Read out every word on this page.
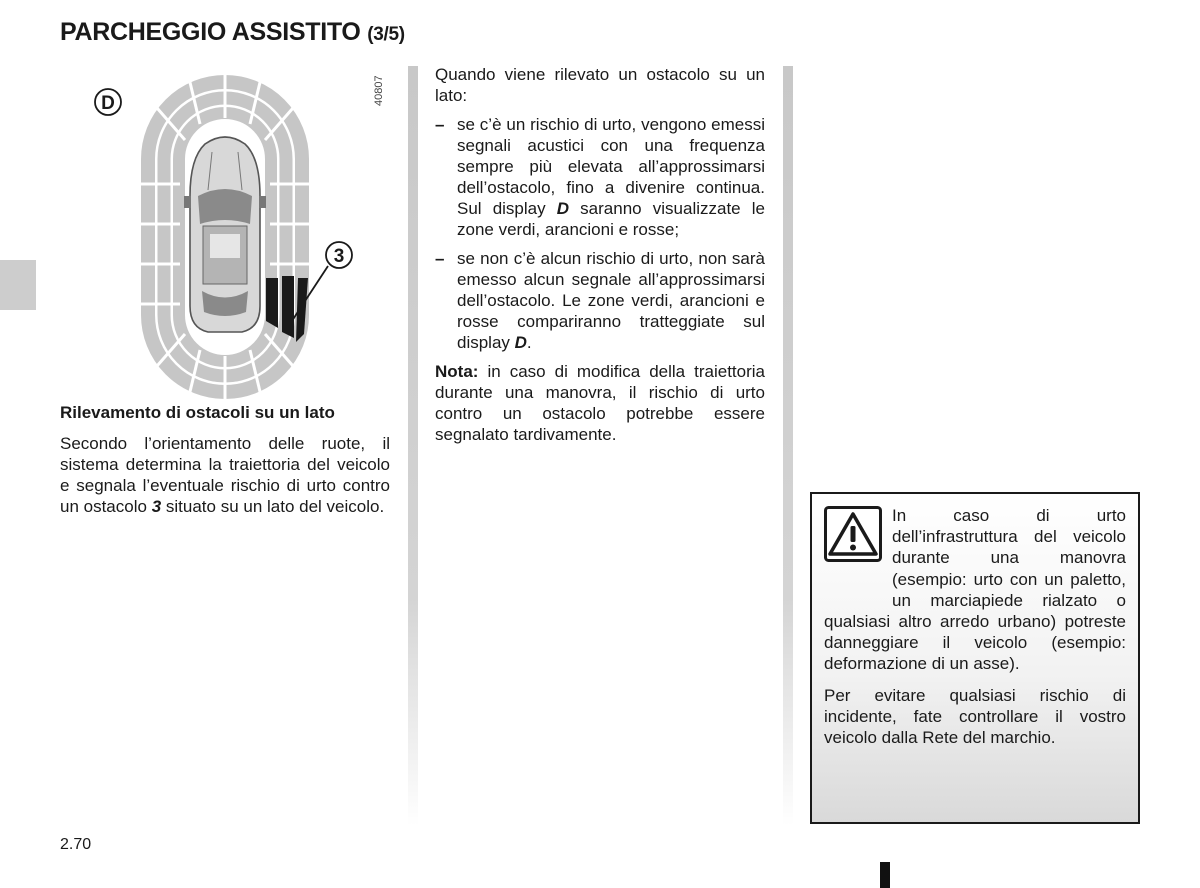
PARCHEGGIO ASSISTITO (3/5)
D	40807
3

Rilevamento di ostacoli su un lato

Secondo l’orientamento delle ruote, il sistema determina la traiettoria del veicolo e segnala l’eventuale rischio di urto contro un ostacolo 3 situato su un lato del veicolo.

Quando viene rilevato un ostacolo su un lato:

– se c’è un rischio di urto, vengono emessi segnali acustici con una frequenza sempre più elevata all’approssimarsi dell’ostacolo, fino a divenire continua. Sul display D saranno visualizzate le zone verdi, arancioni e rosse;
– se non c’è alcun rischio di urto, non sarà emesso alcun segnale all’approssimarsi dell’ostacolo. Le zone verdi, arancioni e rosse compariranno tratteggiate sul display D.

Nota: in caso di modifica della traiettoria durante una manovra, il rischio di urto contro un ostacolo potrebbe essere segnalato tardivamente.

In caso di urto dell’infrastruttura del veicolo durante una manovra (esempio: urto con un paletto, un marciapiede rialzato o qualsiasi altro arredo urbano) potreste danneggiare il veicolo (esempio: deformazione di un asse).

Per evitare qualsiasi rischio di incidente, fate controllare il vostro veicolo dalla Rete del marchio.

2.70
